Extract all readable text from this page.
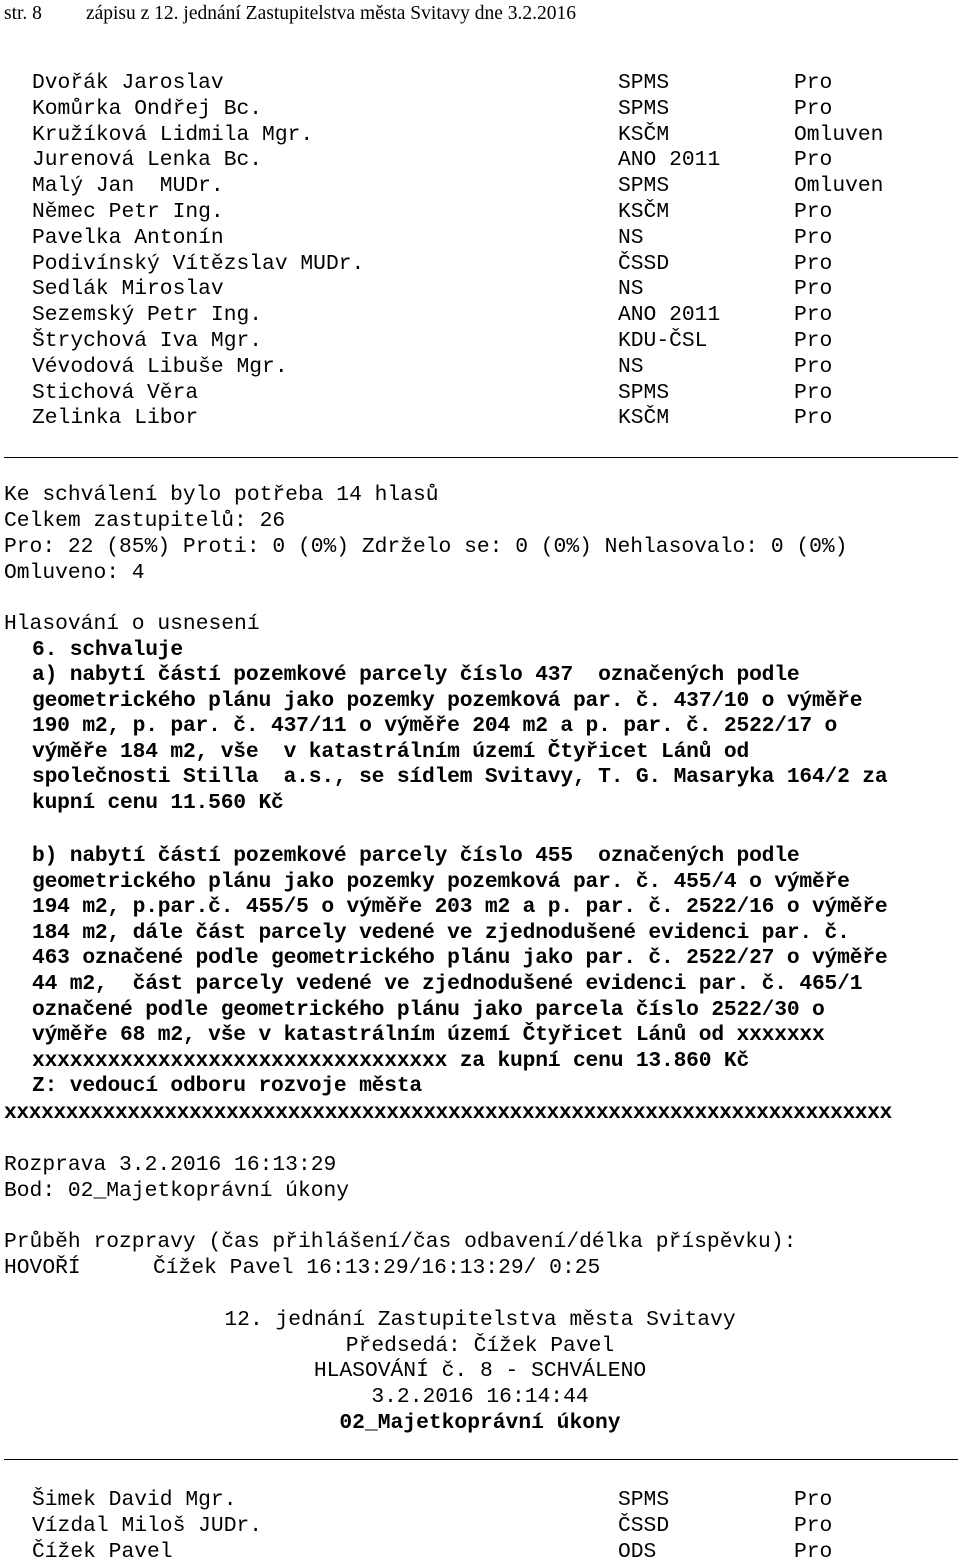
str. 8 zápisu z 12. jednání Zastupitelstva města Svitavy dne 3.2.2016
Dvořák Jaroslav	SPMS	Pro
Komůrka Ondřej Bc.	SPMS	Pro
Kružíková Lidmila Mgr.	KSČM	Omluven
Jurenová Lenka Bc.	ANO 2011	Pro
Malý Jan  MUDr.	SPMS	Omluven
Němec Petr Ing.	KSČM	Pro
Pavelka Antonín	NS	Pro
Podivínský Vítězslav MUDr.	ČSSD	Pro
Sedlák Miroslav	NS	Pro
Sezemský Petr Ing.	ANO 2011	Pro
Štrychová Iva Mgr.	KDU-ČSL	Pro
Vévodová Libuše Mgr.	NS	Pro
Stichová Věra	SPMS	Pro
Zelinka Libor	KSČM	Pro
Ke schválení bylo potřeba 14 hlasů
Celkem zastupitelů: 26
Pro: 22 (85%) Proti: 0 (0%) Zdrželo se: 0 (0%) Nehlasovalo: 0 (0%)
Omluveno: 4
Hlasování o usnesení
6. schvaluje
a) nabytí částí pozemkové parcely číslo 437  označených podle
geometrického plánu jako pozemky pozemková par. č. 437/10 o výměře
190 m2, p. par. č. 437/11 o výměře 204 m2 a p. par. č. 2522/17 o
výměře 184 m2, vše  v katastrálním území Čtyřicet Lánů od
společnosti Stilla  a.s., se sídlem Svitavy, T. G. Masaryka 164/2 za
kupní cenu 11.560 Kč
b) nabytí částí pozemkové parcely číslo 455  označených podle
geometrického plánu jako pozemky pozemková par. č. 455/4 o výměře
194 m2, p.par.č. 455/5 o výměře 203 m2 a p. par. č. 2522/16 o výměře
184 m2, dále část parcely vedené ve zjednodušené evidenci par. č.
463 označené podle geometrického plánu jako par. č. 2522/27 o výměře
44 m2,  část parcely vedené ve zjednodušené evidenci par. č. 465/1
označené podle geometrického plánu jako parcela číslo 2522/30 o
výměře 68 m2, vše v katastrálním území Čtyřicet Lánů od xxxxxxx
xxxxxxxxxxxxxxxxxxxxxxxxxxxxxxxxx za kupní cenu 13.860 Kč
Z: vedoucí odboru rozvoje města
xxxxxxxxxxxxxxxxxxxxxxxxxxxxxxxxxxxxxxxxxxxxxxxxxxxxxxxxxxxxxxxxxxxxxxxx
Rozprava 3.2.2016 16:13:29
Bod: 02_Majetkoprávní úkony
Průběh rozpravy (čas přihlášení/čas odbavení/délka příspěvku):
HOVOŘÍ	Čížek Pavel 16:13:29/16:13:29/ 0:25
12. jednání Zastupitelstva města Svitavy
Předsedá: Čížek Pavel
HLASOVÁNÍ č. 8 - SCHVÁLENO
3.2.2016 16:14:44
02_Majetkoprávní úkony
Šimek David Mgr.	SPMS	Pro
Vízdal Miloš JUDr.	ČSSD	Pro
Čížek Pavel	ODS	Pro
